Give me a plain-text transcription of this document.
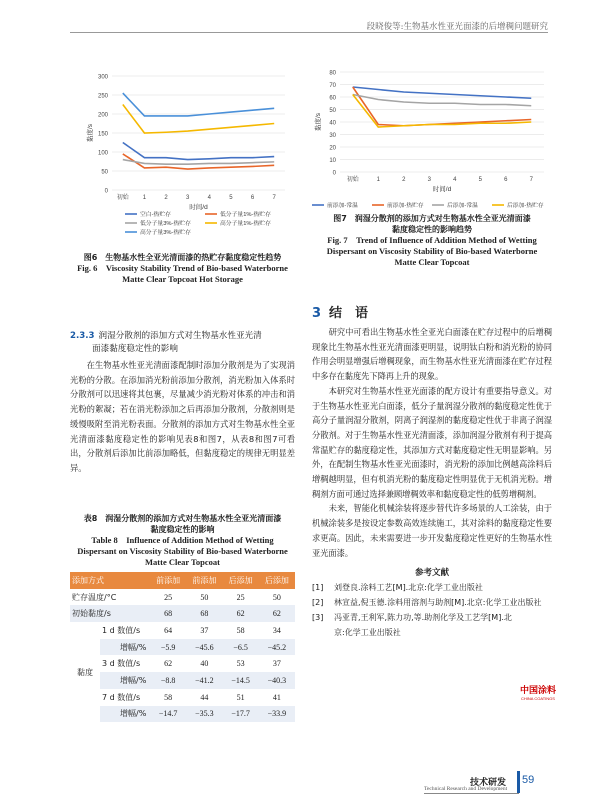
段晓俊等:生物基水性亚光面漆的后增稠问题研究
0
50
100
150
200
250
300
初始 1	2	3	4	5	6	7
时间/d
黏度/s
空白-热贮存	低分子量1%-热贮存
低分子量3%-热贮存	高分子量1%-热贮存
高分子量3%-热贮存
图6　生物基水性全亚光清面漆的热贮存黏度稳定性趋势
Fig. 6　Viscosity Stability Trend of Bio-based Waterborne
Matte Clear Topcoat Hot Storage
0
10
20
30
40
50
60
70
80
初始	1	2	3	4	5	6	7
时间/d
黏度/s
前添加-常温	前添加-热贮存	后添加-常温	后添加-热贮存
图7　润湿分散剂的添加方式对生物基水性全亚光清面漆
黏度稳定性的影响趋势
Fig. 7　Trend of Influence of Addition Method of Wetting
Dispersant on Viscosity Stability of Bio-based Waterborne
Matte Clear Topcoat
2.3.3 润湿分散剂的添加方式对生物基水性亚光清
面漆黏度稳定性的影响
在生物基水性亚光清面漆配制时添加分散剂是为了实现消光粉的分散。在添加消光粉前添加分散剂，消光粉加入体系时分散剂可以迅速将其包裹，尽量减少消光粉对体系的冲击和消光粉的絮凝；若在消光粉添加之后再添加分散剂，分散剂则是缓慢吸附至消光粉表面。分散剂的添加方式对生物基水性全亚光清面漆黏度稳定性的影响见表8和图7，从表8和图7可看出，分散剂后添加比前添加略低，但黏度稳定的规律无明显差异。
表8　润湿分散剂的添加方式对生物基水性全亚光清面漆
黏度稳定性的影响
Table 8　Influence of Addition Method of Wetting
Dispersant on Viscosity Stability of Bio-based Waterborne
Matte Clear Topcoat
添加方式		前添加	前添加	后添加	后添加
贮存温度/°C		25	50	25	50
初始黏度/s		68	68	62	62
黏度	1 d 数值/s	64	37	58	34
	增幅/%	−5.9	−45.6	−6.5	−45.2
	3 d 数值/s	62	40	53	37
	增幅/%	−8.8	−41.2	−14.5	−40.3
	7 d 数值/s	58	44	51	41
	增幅/%	−14.7	−35.3	−17.7	−33.9
3 结　语
研究中可看出生物基水性全亚光白面漆在贮存过程中的后增稠现象比生物基水性亚光清面漆更明显，说明钛白粉和消光粉的协同作用会明显增强后增稠现象，而生物基水性亚光清面漆在贮存过程中多存在黏度先下降再上升的现象。
本研究对生物基水性亚光面漆的配方设计有重要指导意义。对于生物基水性亚光白面漆，低分子量润湿分散剂的黏度稳定性优于高分子量润湿分散剂，阴离子润湿剂的黏度稳定性优于非离子润湿分散剂。对于生物基水性亚光清面漆，添加润湿分散剂有利于提高常温贮存的黏度稳定性，其添加方式对黏度稳定性无明显影响。另外，在配制生物基水性亚光面漆时，消光粉的添加比例越高涂料后增稠越明显，但有机消光粉的黏度稳定性明显优于无机消光粉。增稠剂方面可通过选择兼顾增稠效率和黏度稳定性的低剪增稠剂。
未来，智能化机械涂装将逐步替代许多场景的人工涂装，由于机械涂装多是按设定参数高效连续施工，其对涂料的黏度稳定性要求更高。因此，未来需要进一步开发黏度稳定性更好的生物基水性亚光面漆。
参考文献
[1]	刘登良.涂料工艺[M].北京:化学工业出版社
[2]	林宣益,倪玉德.涂料用溶剂与助剂[M].北京:化学工业出版社
[3]	冯亚青,王利军,陈力功,等.助剂化学及工艺学[M].北京:化学工业出版社
中国涂料
CHINA COATINGS
技术研发
Technical Research and Development
59
